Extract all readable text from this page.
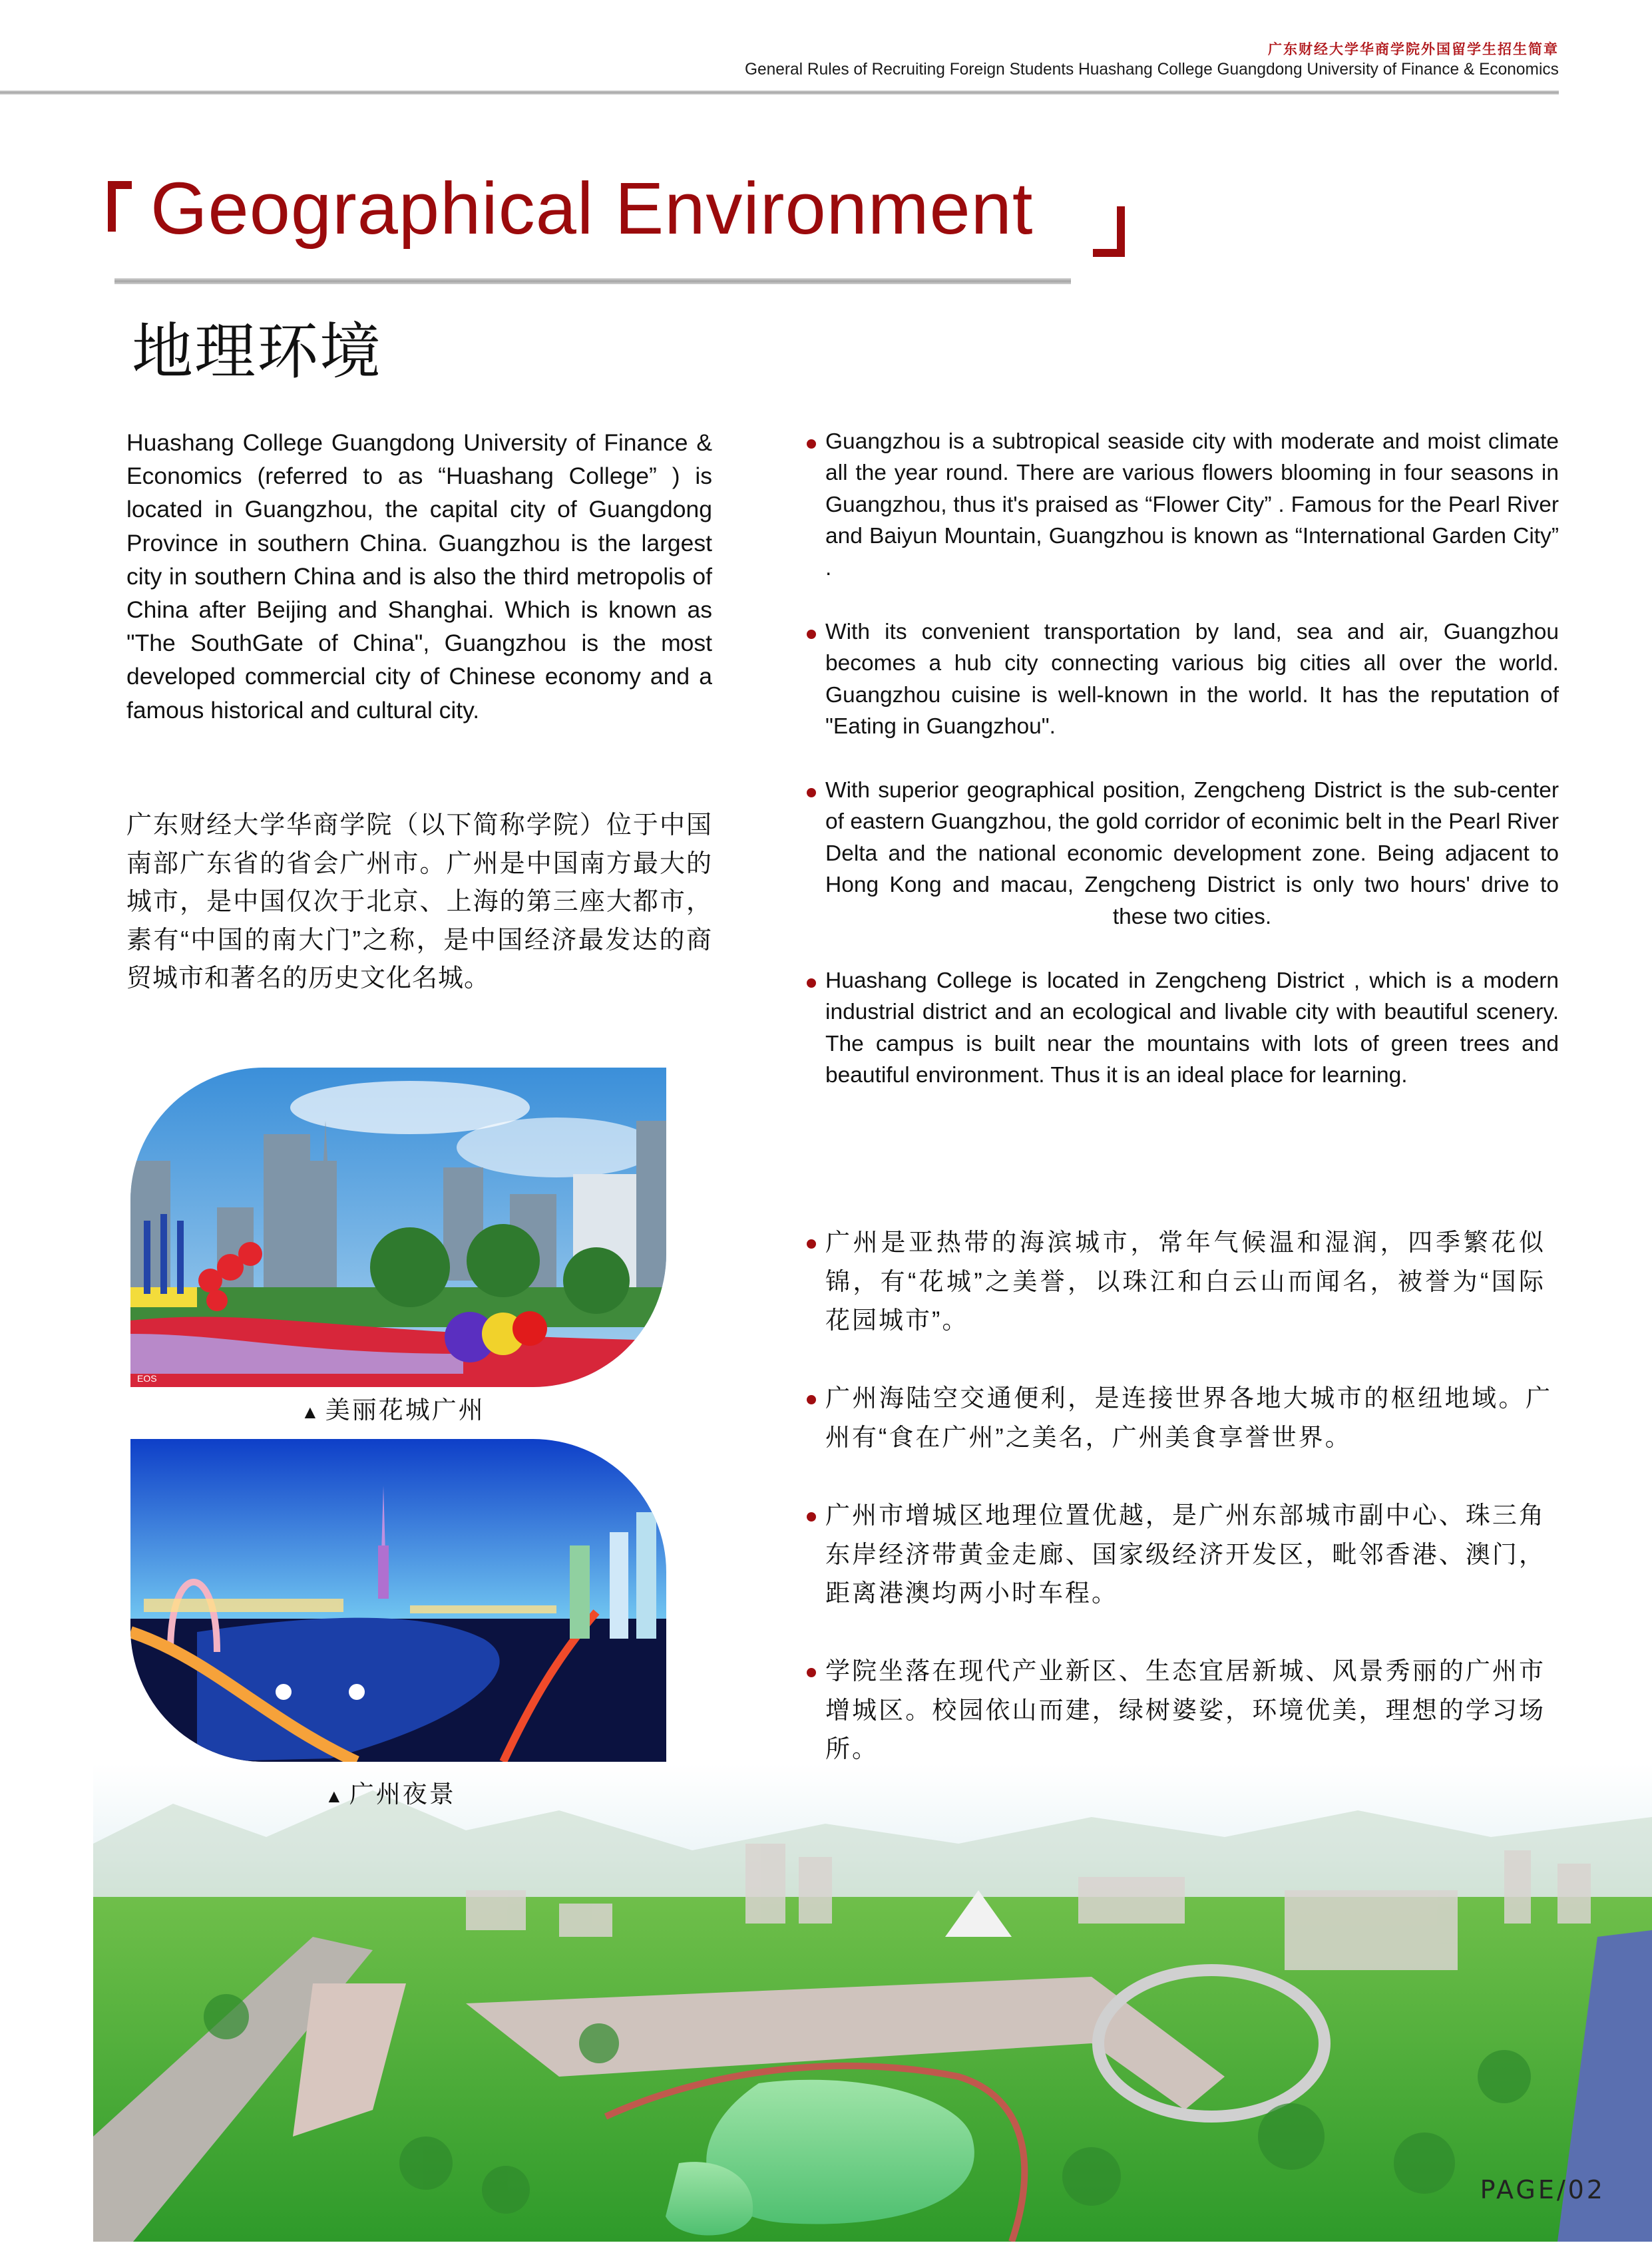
广东财经大学华商学院外国留学生招生简章
General Rules of Recruiting Foreign Students Huashang College Guangdong University of Finance & Economics
Geographical Environment
地理环境
Huashang College Guangdong University of Finance & Economics (referred to as “Huashang College” ) is located in Guangzhou, the capital city of Guangdong Province in southern China. Guangzhou is the largest city in southern China and is also the third metropolis of China after Beijing and Shanghai. Which is known as "The SouthGate of China", Guangzhou is the most developed commercial city of Chinese economy and a famous historical and cultural city.
广东财经大学华商学院（以下简称学院）位于中国南部广东省的省会广州市。广州是中国南方最大的城市，是中国仅次于北京、上海的第三座大都市，素有“中国的南大门”之称，是中国经济最发达的商贸城市和著名的历史文化名城。
Guangzhou is a subtropical seaside city with moderate and moist climate all the year round. There are various flowers blooming in four seasons in Guangzhou, thus it's praised as “Flower City” . Famous for the Pearl River and Baiyun Mountain, Guangzhou is known as “International Garden City” .
With its convenient transportation by land, sea and air, Guangzhou becomes a hub city connecting various big cities all over the world. Guangzhou cuisine is well-known in the world. It has the reputation of "Eating in Guangzhou".
With superior geographical position, Zengcheng District is the sub-center of eastern Guangzhou, the gold corridor of econimic belt in the Pearl River Delta and the national economic development zone. Being adjacent to Hong Kong and macau, Zengcheng District is only two hours' drive to these two cities.
Huashang College is located in Zengcheng District , which is a modern industrial district and an ecological and livable city with beautiful scenery. The campus is built near the mountains with lots of green trees and beautiful environment. Thus it is an ideal place for learning.
广州是亚热带的海滨城市，常年气候温和湿润，四季繁花似锦，有“花城”之美誉，以珠江和白云山而闻名，被誉为“国际花园城市”。
广州海陆空交通便利，是连接世界各地大城市的枢纽地域。广州有“食在广州”之美名，广州美食享誉世界。
广州市增城区地理位置优越，是广州东部城市副中心、珠三角东岸经济带黄金走廊、国家级经济开发区，毗邻香港、澳门，距离港澳均两小时车程。
学院坐落在现代产业新区、生态宜居新城、风景秀丽的广州市增城区。校园依山而建，绿树婆娑，环境优美，理想的学习场所。
EOS
▲ 美丽花城广州
▲ 广州夜景
PAGE/02
